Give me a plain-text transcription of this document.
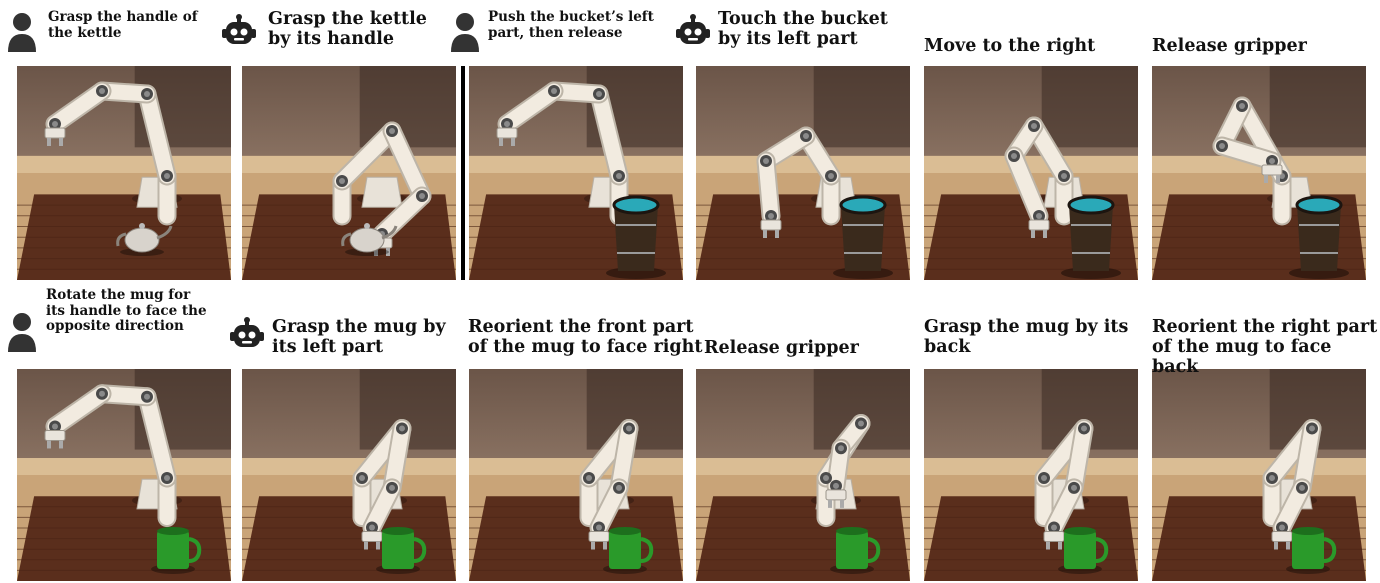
Grasp the handle of
the kettle
Grasp the kettle
by its handle
Push the bucket’s left
part, then release
Touch the bucket
by its left part	Move to the right	Release gripper
Rotate the mug for
its handle to face the
opposite direction	Grasp the mug by
its left part
Reorient the front part
of the mug to face right Release gripper
Grasp the mug by its
back
Reorient the right part
of the mug to face back
